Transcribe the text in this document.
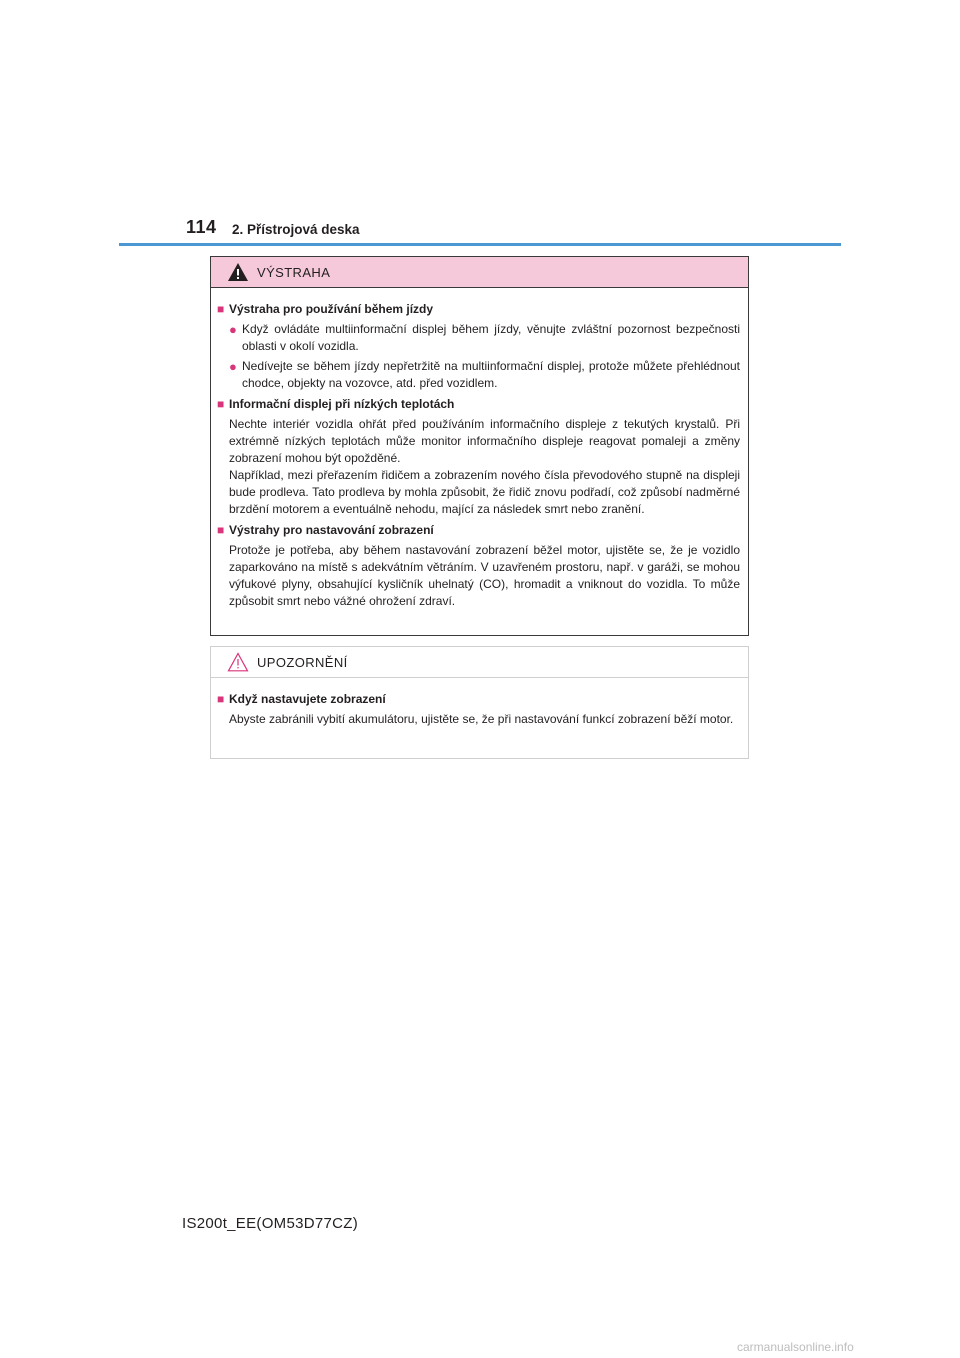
114 2. Přístrojová deska
VÝSTRAHA
■ Výstraha pro používání během jízdy
● Když ovládáte multiinformační displej během jízdy, věnujte zvláštní pozornost bezpečnosti oblasti v okolí vozidla.
● Nedívejte se během jízdy nepřetržitě na multiinformační displej, protože můžete přehlédnout chodce, objekty na vozovce, atd. před vozidlem.
■ Informační displej při nízkých teplotách
Nechte interiér vozidla ohřát před používáním informačního displeje z tekutých krystalů. Při extrémně nízkých teplotách může monitor informačního displeje reagovat pomaleji a změny zobrazení mohou být opožděné.
Například, mezi přeřazením řidičem a zobrazením nového čísla převodového stupně na displeji bude prodleva. Tato prodleva by mohla způsobit, že řidič znovu podřadí, což způsobí nadměrné brzdění motorem a eventuálně nehodu, mající za následek smrt nebo zranění.
■ Výstrahy pro nastavování zobrazení
Protože je potřeba, aby během nastavování zobrazení běžel motor, ujistěte se, že je vozidlo zaparkováno na místě s adekvátním větráním. V uzavřeném prostoru, např. v garáži, se mohou výfukové plyny, obsahující kysličník uhelnatý (CO), hromadit a vniknout do vozidla. To může způsobit smrt nebo vážné ohrožení zdraví.
UPOZORNĚNÍ
■ Když nastavujete zobrazení
Abyste zabránili vybití akumulátoru, ujistěte se, že při nastavování funkcí zobrazení běží motor.
IS200t_EE(OM53D77CZ)
carmanualsonline.info
